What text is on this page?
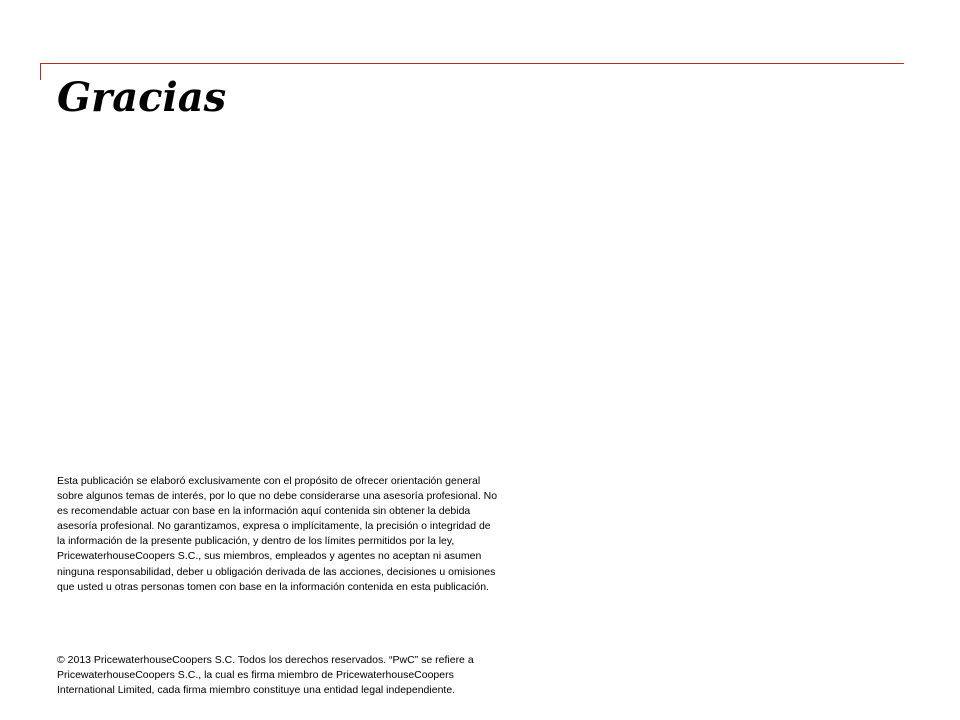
Gracias

Esta publicación se elaboró exclusivamente con el propósito de ofrecer orientación general
sobre algunos temas de interés, por lo que no debe considerarse una asesoría profesional. No
es recomendable actuar con base en la información aquí contenida sin obtener la debida
asesoría profesional. No garantizamos, expresa o implícitamente, la precisión o integridad de
la información de la presente publicación, y dentro de los límites permitidos por la ley,
PricewaterhouseCoopers S.C., sus miembros, empleados y agentes no aceptan ni asumen
ninguna responsabilidad, deber u obligación derivada de las acciones, decisiones u omisiones
que usted u otras personas tomen con base en la información contenida en esta publicación.

© 2013 PricewaterhouseCoopers S.C. Todos los derechos reservados. “PwC” se refiere a
PricewaterhouseCoopers S.C., la cual es firma miembro de PricewaterhouseCoopers
International Limited, cada firma miembro constituye una entidad legal independiente.
